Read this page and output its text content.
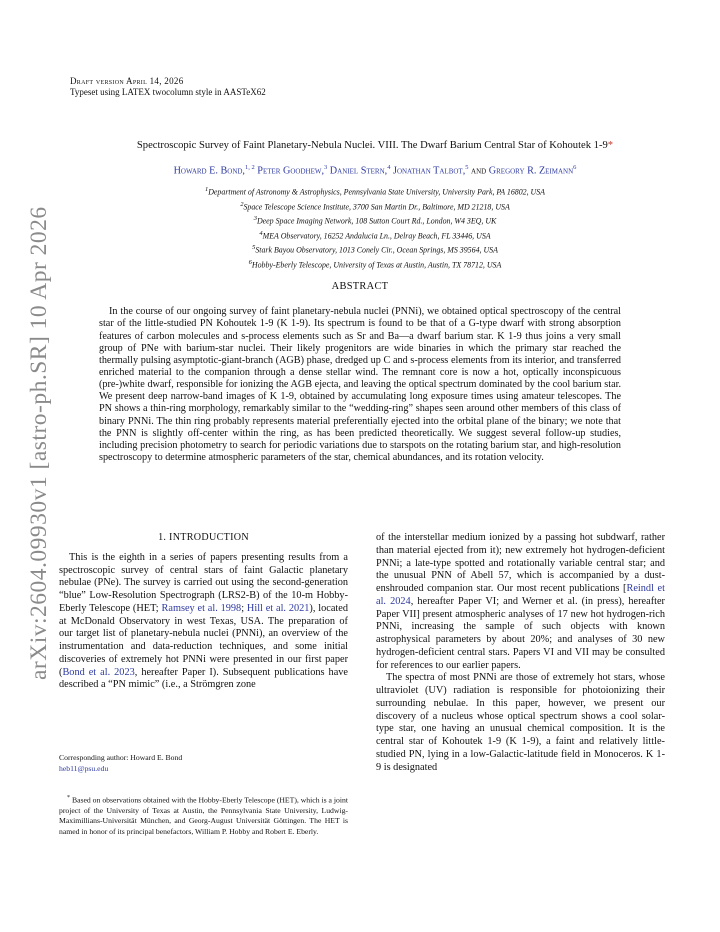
arXiv:2604.09930v1 [astro-ph.SR] 10 Apr 2026
Draft version April 14, 2026
Typeset using LATEX twocolumn style in AASTeX62
Spectroscopic Survey of Faint Planetary-Nebula Nuclei. VIII. The Dwarf Barium Central Star of Kohoutek 1-9*
Howard E. Bond,$^{1, 2}$ Peter Goodhew,$^3$ Daniel Stern,$^4$ Jonathan Talbot,$^5$ and Gregory R. Zeimann$^6$
$^1$Department of Astronomy & Astrophysics, Pennsylvania State University, University Park, PA 16802, USA
$^2$Space Telescope Science Institute, 3700 San Martin Dr., Baltimore, MD 21218, USA
$^3$Deep Space Imaging Network, 108 Sutton Court Rd., London, W4 3EQ, UK
$^4$MEA Observatory, 16252 Andalucia Ln., Delray Beach, FL 33446, USA
$^5$Stark Bayou Observatory, 1013 Conely Cir., Ocean Springs, MS 39564, USA
$^6$Hobby-Eberly Telescope, University of Texas at Austin, Austin, TX 78712, USA
ABSTRACT

In the course of our ongoing survey of faint planetary-nebula nuclei (PNNi), we obtained optical spectroscopy of the central star of the little-studied PN Kohoutek 1-9 (K 1-9). Its spectrum is found to be that of a G-type dwarf with strong absorption features of carbon molecules and s-process elements such as Sr and Ba—a dwarf barium star. K 1-9 thus joins a very small group of PNe with barium-star nuclei. Their likely progenitors are wide binaries in which the primary star reached the thermally pulsing asymptotic-giant-branch (AGB) phase, dredged up C and s-process elements from its interior, and transferred enriched material to the companion through a dense stellar wind. The remnant core is now a hot, optically inconspicuous (pre-)white dwarf, responsible for ionizing the AGB ejecta, and leaving the optical spectrum dominated by the cool barium star. We present deep narrow-band images of K 1-9, obtained by accumulating long exposure times using amateur telescopes. The PN shows a thin-ring morphology, remarkably similar to the “wedding-ring” shapes seen around other members of this class of binary PNNi. The thin ring probably represents material preferentially ejected into the orbital plane of the binary; we note that the PNN is slightly off-center within the ring, as has been predicted theoretically. We suggest several follow-up studies, including precision photometry to search for periodic variations due to starspots on the rotating barium star, and high-resolution spectroscopy to determine atmospheric parameters of the star, chemical abundances, and its rotation velocity.

1. INTRODUCTION

This is the eighth in a series of papers presenting results from a spectroscopic survey of central stars of faint Galactic planetary nebulae (PNe). The survey is carried out using the second-generation “blue” Low-Resolution Spectrograph (LRS2-B) of the 10-m Hobby-Eberly Telescope (HET; Ramsey et al. 1998; Hill et al. 2021), located at McDonald Observatory in west Texas, USA. The preparation of our target list of planetary-nebula nuclei (PNNi), an overview of the instrumentation and data-reduction techniques, and some initial discoveries of extremely hot PNNi were presented in our first paper (Bond et al. 2023, hereafter Paper I). Subsequent publications have described a “PN mimic” (i.e., a Strömgren zone

Corresponding author: Howard E. Bond
heb11@psu.edu

* Based on observations obtained with the Hobby-Eberly Telescope (HET), which is a joint project of the University of Texas at Austin, the Pennsylvania State University, Ludwig-Maximillians-Universität München, and Georg-August Universität Göttingen. The HET is named in honor of its principal benefactors, William P. Hobby and Robert E. Eberly.

of the interstellar medium ionized by a passing hot subdwarf, rather than material ejected from it); new extremely hot hydrogen-deficient PNNi; a late-type spotted and rotationally variable central star; and the unusual PNN of Abell 57, which is accompanied by a dust-enshrouded companion star. Our most recent publications [Reindl et al. 2024, hereafter Paper VI; and Werner et al. (in press), hereafter Paper VII] present atmospheric analyses of 17 new hot hydrogen-rich PNNi, increasing the sample of such objects with known astrophysical parameters by about 20%; and analyses of 30 new hydrogen-deficient central stars. Papers VI and VII may be consulted for references to our earlier papers.

The spectra of most PNNi are those of extremely hot stars, whose ultraviolet (UV) radiation is responsible for photoionizing their surrounding nebulae. In this paper, however, we present our discovery of a nucleus whose optical spectrum shows a cool solar-type star, one having an unusual chemical composition. It is the central star of Kohoutek 1-9 (K 1-9), a faint and relatively little-studied PN, lying in a low-Galactic-latitude field in Monoceros. K 1-9 is designated
